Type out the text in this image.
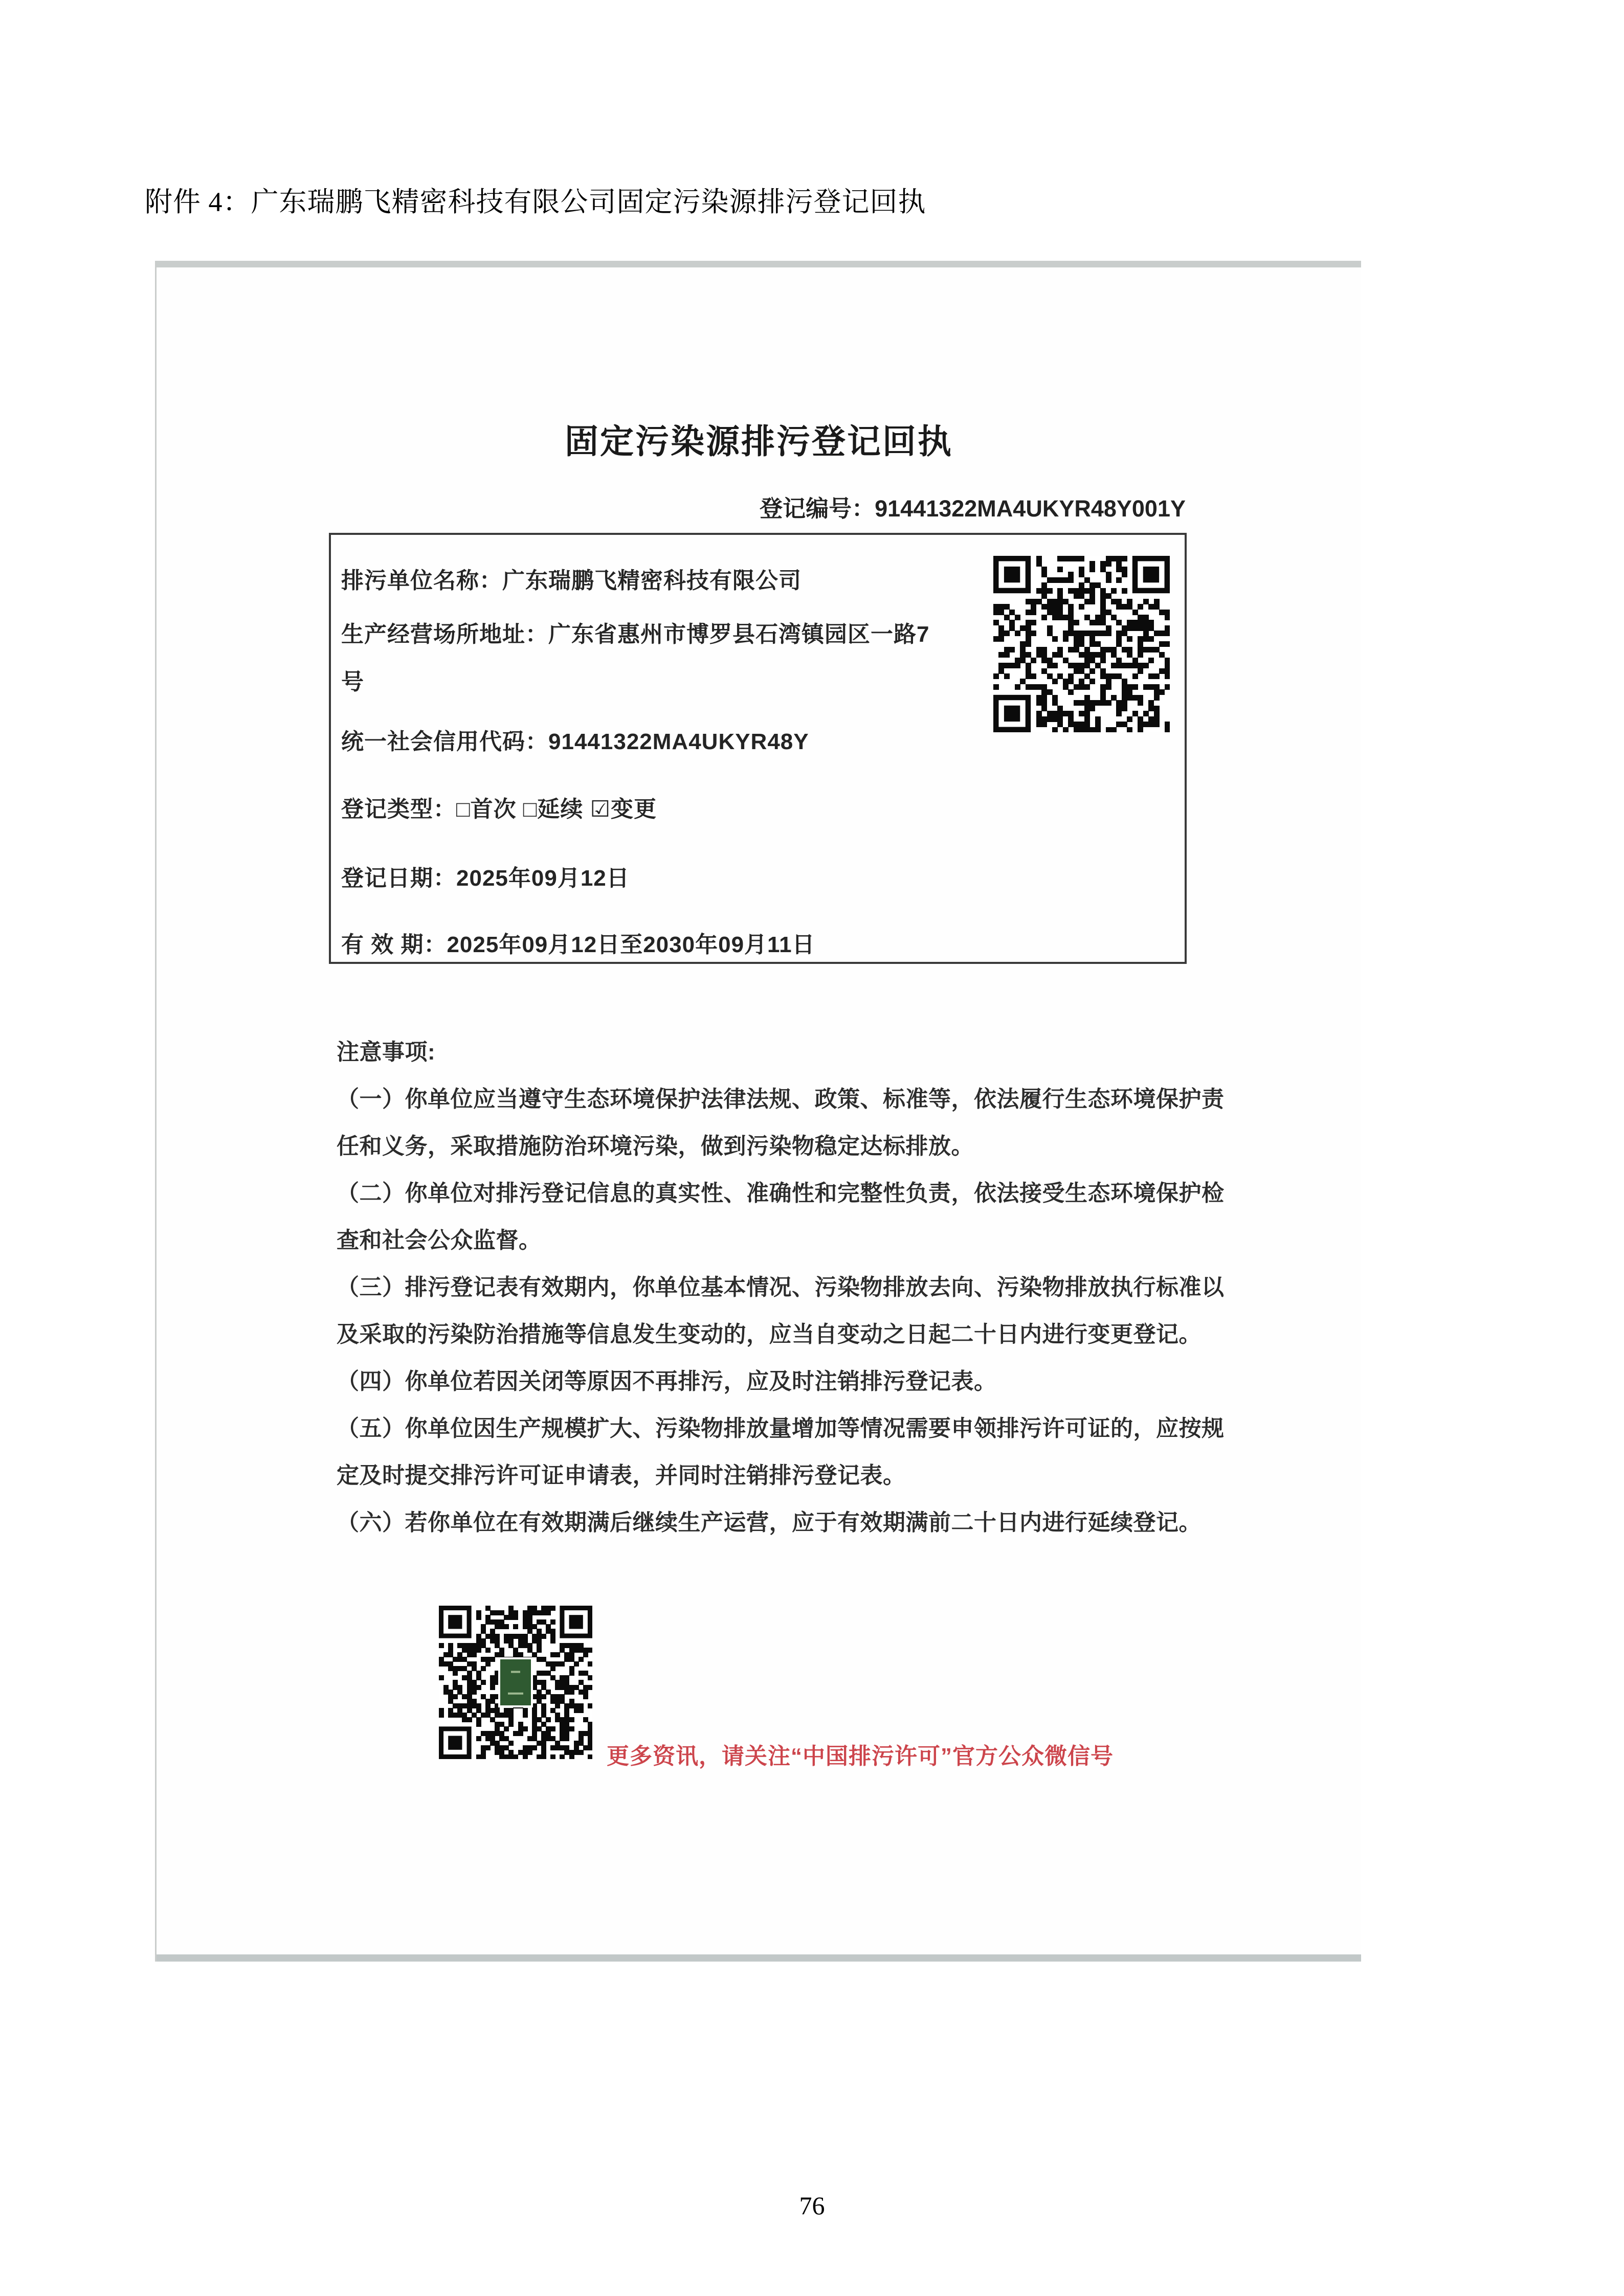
附件 4：广东瑞鹏飞精密科技有限公司固定污染源排污登记回执
固定污染源排污登记回执
登记编号：91441322MA4UKYR48Y001Y
排污单位名称：广东瑞鹏飞精密科技有限公司
生产经营场所地址：广东省惠州市博罗县石湾镇园区一路7
号
统一社会信用代码：91441322MA4UKYR48Y
登记类型：□首次 □延续 ☑变更
登记日期：2025年09月12日
有 效 期：2025年09月12日至2030年09月11日
注意事项:
（一）你单位应当遵守生态环境保护法律法规、政策、标准等，依法履行生态环境保护责
任和义务，采取措施防治环境污染，做到污染物稳定达标排放。
（二）你单位对排污登记信息的真实性、准确性和完整性负责，依法接受生态环境保护检
查和社会公众监督。
（三）排污登记表有效期内，你单位基本情况、污染物排放去向、污染物排放执行标准以
及采取的污染防治措施等信息发生变动的，应当自变动之日起二十日内进行变更登记。
（四）你单位若因关闭等原因不再排污，应及时注销排污登记表。
（五）你单位因生产规模扩大、污染物排放量增加等情况需要申领排污许可证的，应按规
定及时提交排污许可证申请表，并同时注销排污登记表。
（六）若你单位在有效期满后继续生产运营，应于有效期满前二十日内进行延续登记。
更多资讯，请关注“中国排污许可”官方公众微信号
76
